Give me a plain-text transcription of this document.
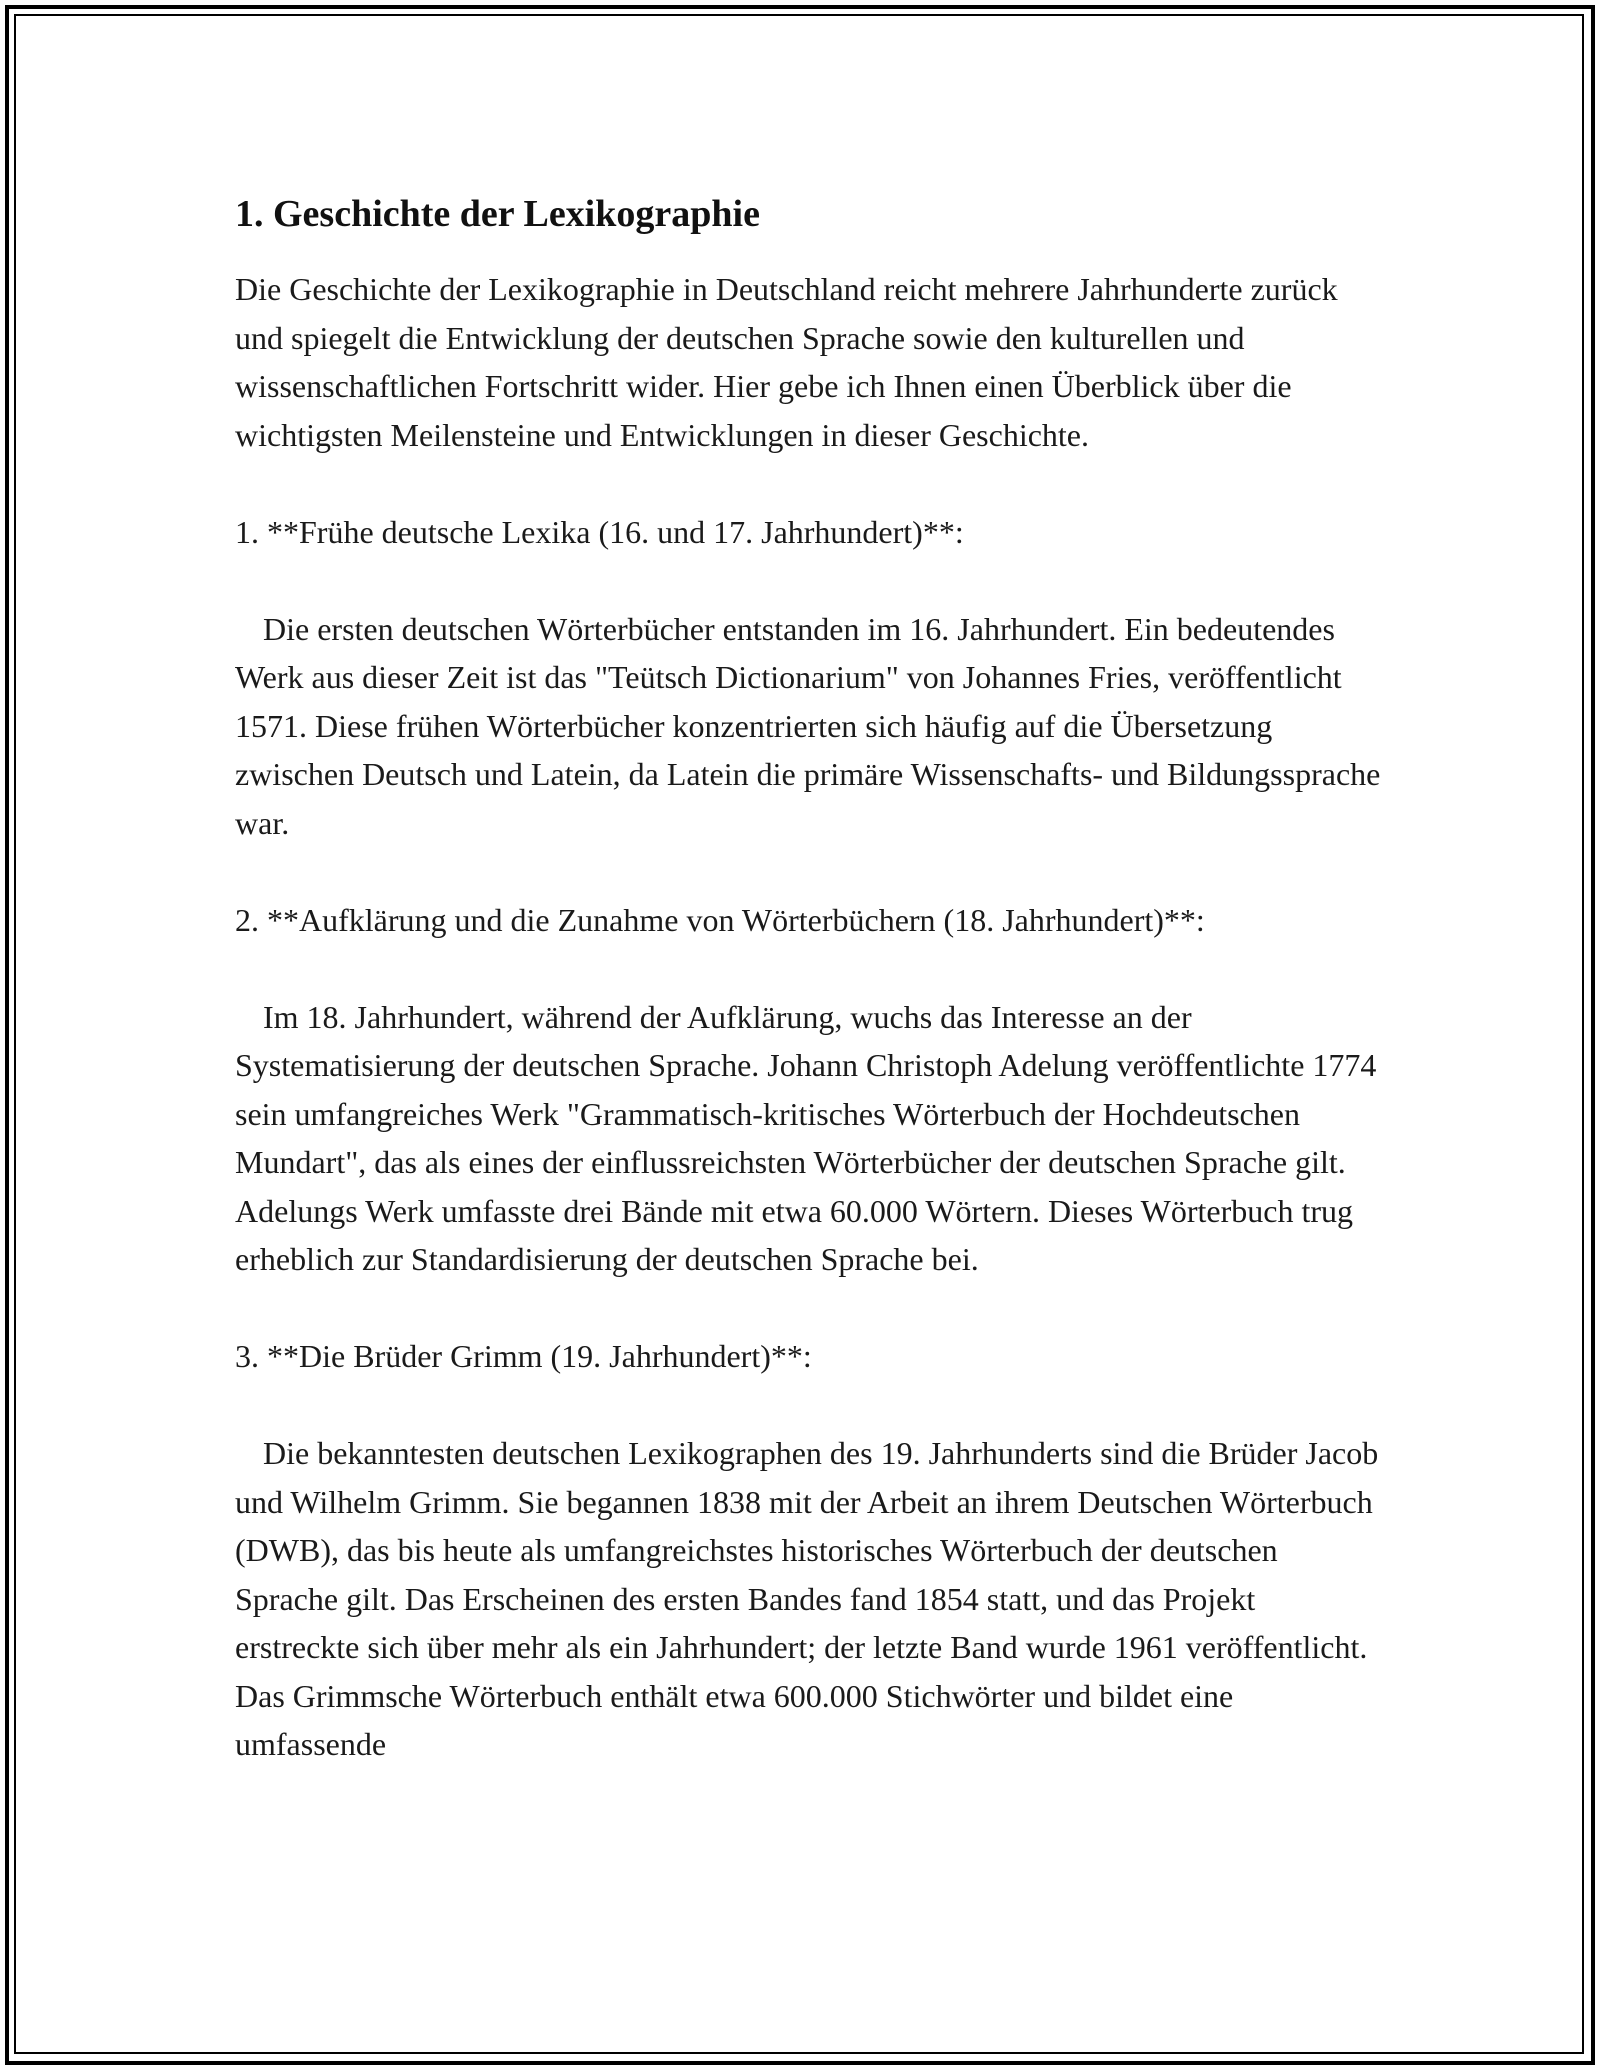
1. Geschichte der Lexikographie

Die Geschichte der Lexikographie in Deutschland reicht mehrere Jahrhunderte zurück und spiegelt die Entwicklung der deutschen Sprache sowie den kulturellen und wissenschaftlichen Fortschritt wider. Hier gebe ich Ihnen einen Überblick über die wichtigsten Meilensteine und Entwicklungen in dieser Geschichte.

1. **Frühe deutsche Lexika (16. und 17. Jahrhundert)**:

Die ersten deutschen Wörterbücher entstanden im 16. Jahrhundert. Ein bedeutendes Werk aus dieser Zeit ist das "Teütsch Dictionarium" von Johannes Fries, veröffentlicht 1571. Diese frühen Wörterbücher konzentrierten sich häufig auf die Übersetzung zwischen Deutsch und Latein, da Latein die primäre Wissenschafts- und Bildungssprache war.

2. **Aufklärung und die Zunahme von Wörterbüchern (18. Jahrhundert)**:

Im 18. Jahrhundert, während der Aufklärung, wuchs das Interesse an der Systematisierung der deutschen Sprache. Johann Christoph Adelung veröffentlichte 1774 sein umfangreiches Werk "Grammatisch-kritisches Wörterbuch der Hochdeutschen Mundart", das als eines der einflussreichsten Wörterbücher der deutschen Sprache gilt. Adelungs Werk umfasste drei Bände mit etwa 60.000 Wörtern. Dieses Wörterbuch trug erheblich zur Standardisierung der deutschen Sprache bei.

3. **Die Brüder Grimm (19. Jahrhundert)**:

Die bekanntesten deutschen Lexikographen des 19. Jahrhunderts sind die Brüder Jacob und Wilhelm Grimm. Sie begannen 1838 mit der Arbeit an ihrem Deutschen Wörterbuch (DWB), das bis heute als umfangreichstes historisches Wörterbuch der deutschen Sprache gilt. Das Erscheinen des ersten Bandes fand 1854 statt, und das Projekt erstreckte sich über mehr als ein Jahrhundert; der letzte Band wurde 1961 veröffentlicht. Das Grimmsche Wörterbuch enthält etwa 600.000 Stichwörter und bildet eine umfassende
